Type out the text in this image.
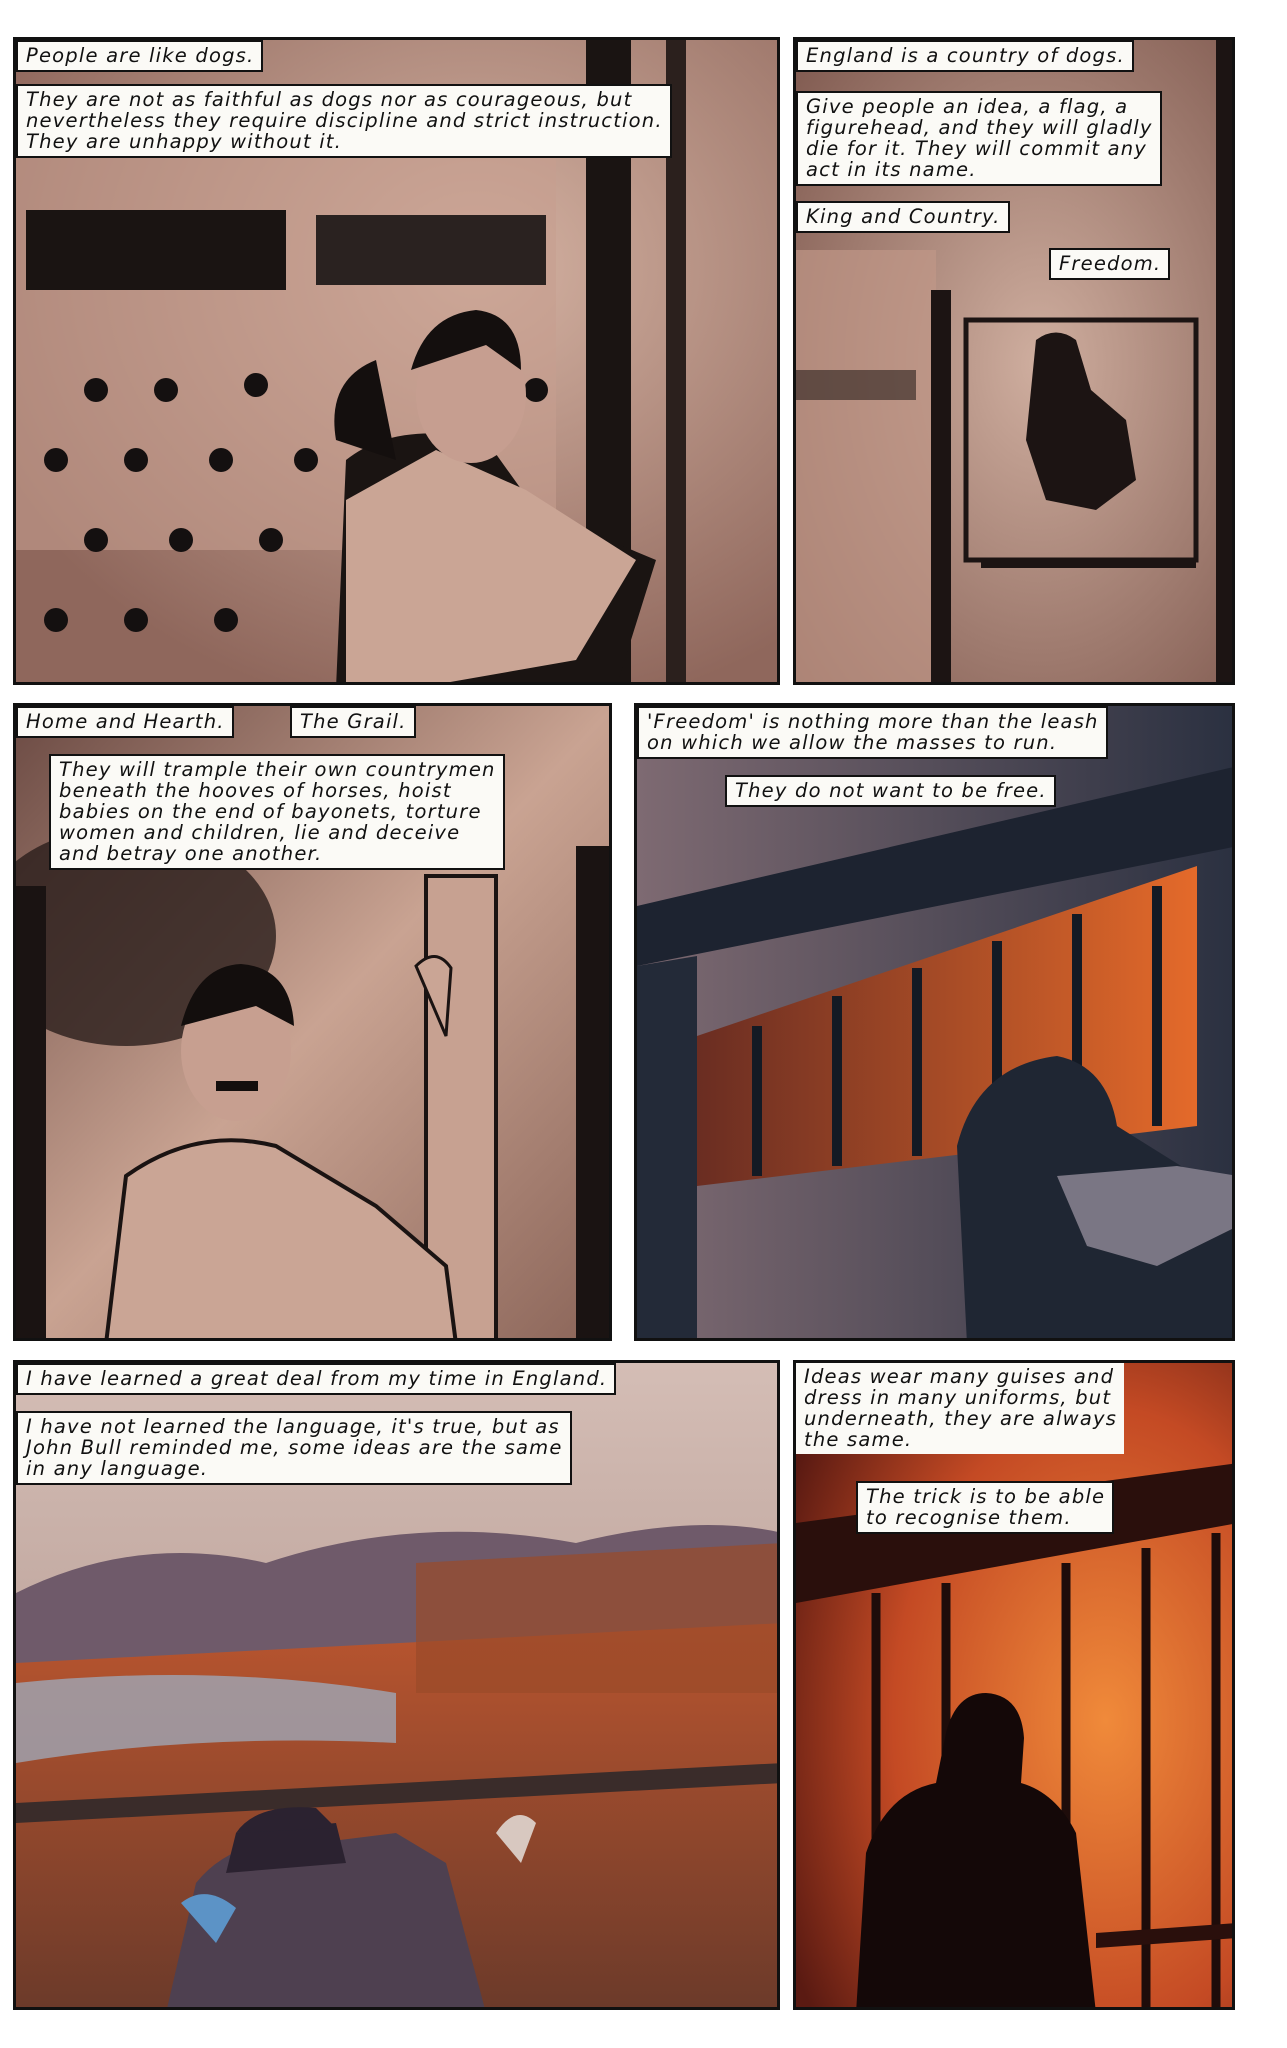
People are like dogs.
They are not as faithful as dogs nor as courageous, but
nevertheless they require discipline and strict instruction.
They are unhappy without it.
England is a country of dogs.
Give people an idea, a flag, a
figurehead, and they will gladly
die for it. They will commit any
act in its name.
King and Country.
Freedom.
Home and Hearth.	The Grail.
They will trample their own countrymen
beneath the hooves of horses, hoist
babies on the end of bayonets, torture
women and children, lie and deceive
and betray one another.
'Freedom' is nothing more than the leash
on which we allow the masses to run.
They do not want to be free.
I have learned a great deal from my time in England.
I have not learned the language, it's true, but as
John Bull reminded me, some ideas are the same
in any language.
Ideas wear many guises and
dress in many uniforms, but
underneath, they are always
the same.
The trick is to be able
to recognise them.
